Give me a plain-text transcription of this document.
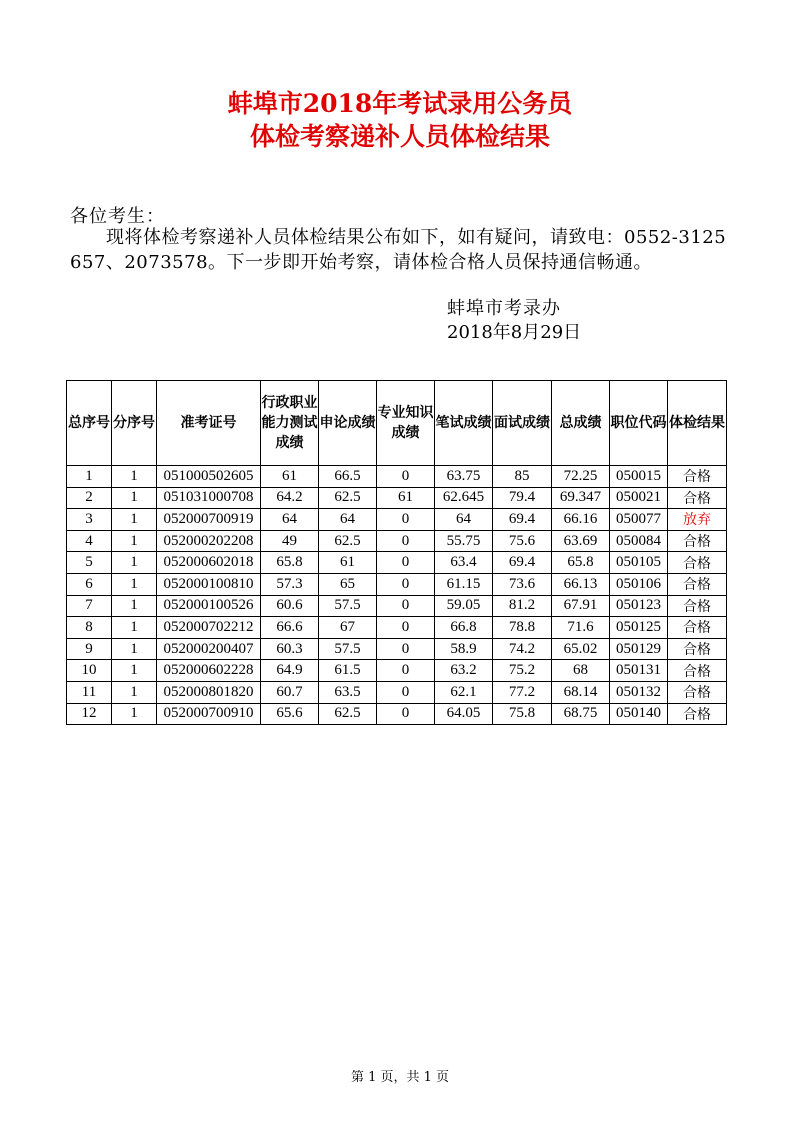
蚌埠市2018年考试录用公务员
体检考察递补人员体检结果
各位考生：
现将体检考察递补人员体检结果公布如下，如有疑问，请致电：0552-3125657、2073578。下一步即开始考察，请体检合格人员保持通信畅通。
蚌埠市考录办
2018年8月29日
总序号	分序号	准考证号	行政职业能力测试成绩	申论成绩	专业知识成绩	笔试成绩	面试成绩	总成绩	职位代码	体检结果
1	1	051000502605	61	66.5	0	63.75	85	72.25	050015	合格
2	1	051031000708	64.2	62.5	61	62.645	79.4	69.347	050021	合格
3	1	052000700919	64	64	0	64	69.4	66.16	050077	放弃
4	1	052000202208	49	62.5	0	55.75	75.6	63.69	050084	合格
5	1	052000602018	65.8	61	0	63.4	69.4	65.8	050105	合格
6	1	052000100810	57.3	65	0	61.15	73.6	66.13	050106	合格
7	1	052000100526	60.6	57.5	0	59.05	81.2	67.91	050123	合格
8	1	052000702212	66.6	67	0	66.8	78.8	71.6	050125	合格
9	1	052000200407	60.3	57.5	0	58.9	74.2	65.02	050129	合格
10	1	052000602228	64.9	61.5	0	63.2	75.2	68	050131	合格
11	1	052000801820	60.7	63.5	0	62.1	77.2	68.14	050132	合格
12	1	052000700910	65.6	62.5	0	64.05	75.8	68.75	050140	合格
第 1 页，共 1 页
